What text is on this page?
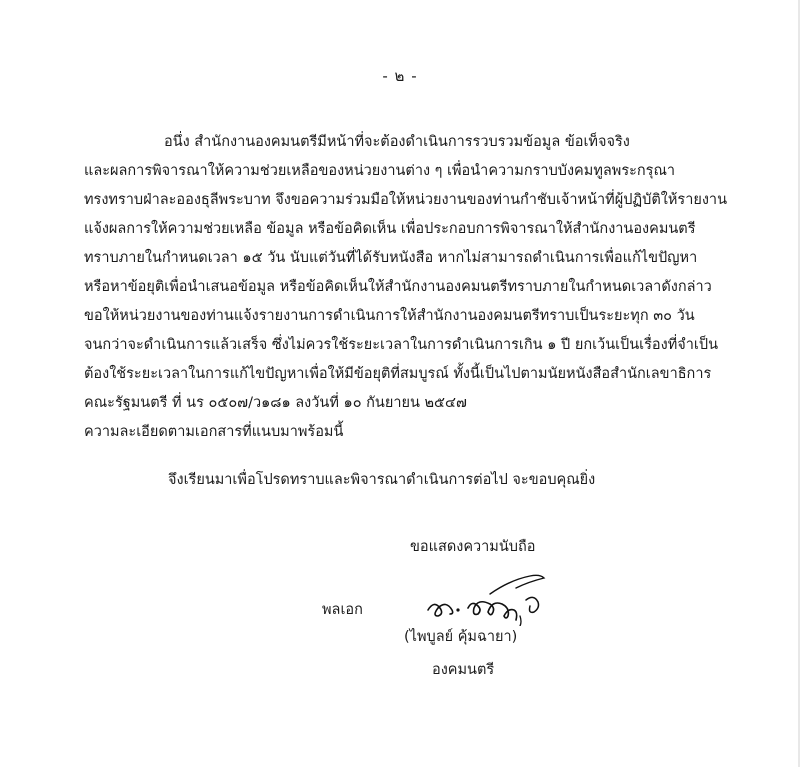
- ๒ -
อนึ่ง สำนักงานองคมนตรีมีหน้าที่จะต้องดำเนินการรวบรวมข้อมูล ข้อเท็จจริง
และผลการพิจารณาให้ความช่วยเหลือของหน่วยงานต่าง ๆ เพื่อนำความกราบบังคมทูลพระกรุณา
ทรงทราบฝ่าละอองธุลีพระบาท จึงขอความร่วมมือให้หน่วยงานของท่านกำชับเจ้าหน้าที่ผู้ปฏิบัติให้รายงาน
แจ้งผลการให้ความช่วยเหลือ ข้อมูล หรือข้อคิดเห็น เพื่อประกอบการพิจารณาให้สำนักงานองคมนตรี
ทราบภายในกำหนดเวลา ๑๕ วัน นับแต่วันที่ได้รับหนังสือ หากไม่สามารถดำเนินการเพื่อแก้ไขปัญหา
หรือหาข้อยุติเพื่อนำเสนอข้อมูล หรือข้อคิดเห็นให้สำนักงานองคมนตรีทราบภายในกำหนดเวลาดังกล่าว
ขอให้หน่วยงานของท่านแจ้งรายงานการดำเนินการให้สำนักงานองคมนตรีทราบเป็นระยะทุก ๓๐ วัน
จนกว่าจะดำเนินการแล้วเสร็จ ซึ่งไม่ควรใช้ระยะเวลาในการดำเนินการเกิน ๑ ปี ยกเว้นเป็นเรื่องที่จำเป็น
ต้องใช้ระยะเวลาในการแก้ไขปัญหาเพื่อให้มีข้อยุติที่สมบูรณ์ ทั้งนี้เป็นไปตามนัยหนังสือสำนักเลขาธิการ
คณะรัฐมนตรี ที่ นร ๐๕๐๗/ว๑๘๑ ลงวันที่ ๑๐ กันยายน ๒๕๔๗
ความละเอียดตามเอกสารที่แนบมาพร้อมนี้
จึงเรียนมาเพื่อโปรดทราบและพิจารณาดำเนินการต่อไป จะขอบคุณยิ่ง
ขอแสดงความนับถือ
พลเอก
(ไพบูลย์ คุ้มฉายา)
องคมนตรี
